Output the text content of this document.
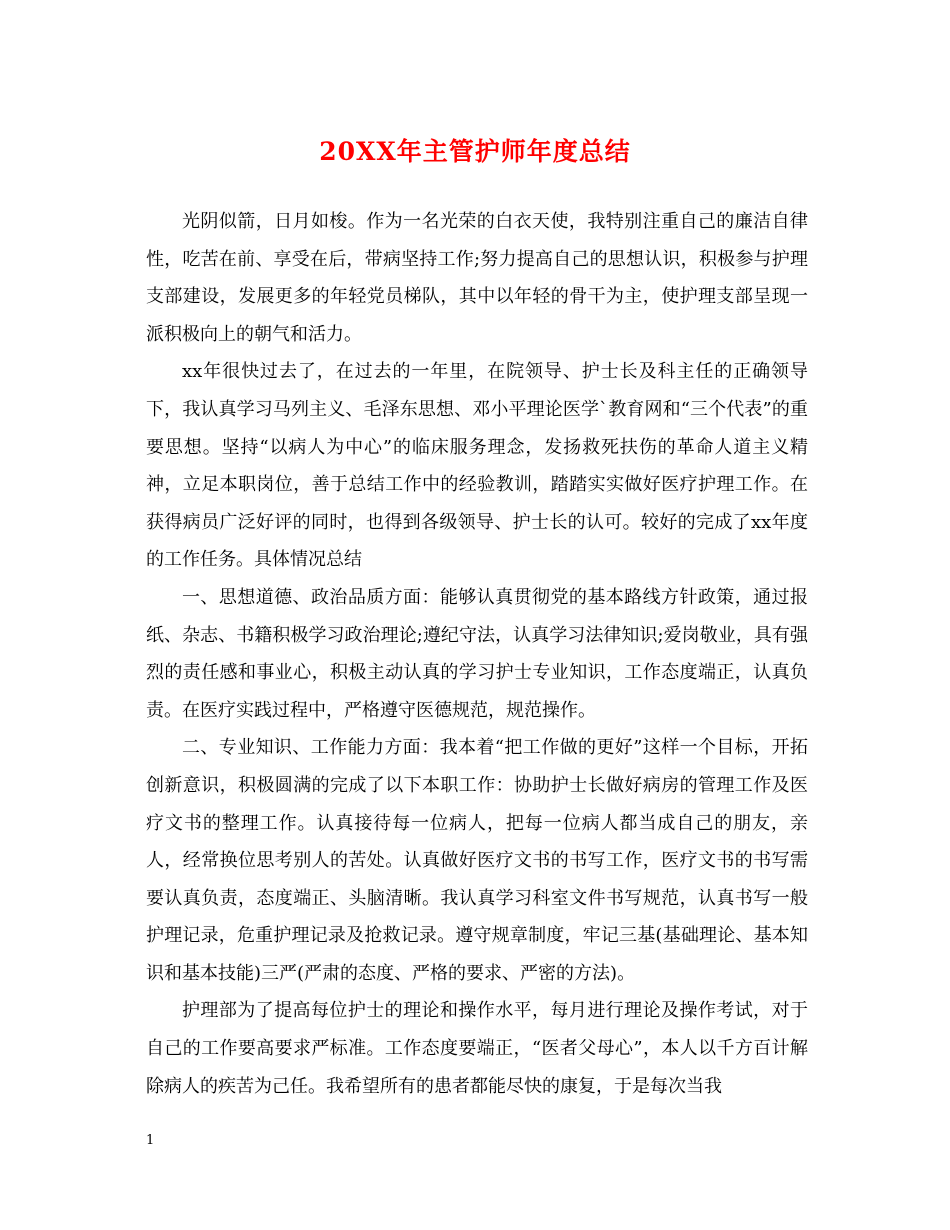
20XX年主管护师年度总结

光阴似箭，日月如梭。作为一名光荣的白衣天使，我特别注重自己的廉洁自律性，吃苦在前、享受在后，带病坚持工作;努力提高自己的思想认识，积极参与护理支部建设，发展更多的年轻党员梯队，其中以年轻的骨干为主，使护理支部呈现一派积极向上的朝气和活力。

xx年很快过去了，在过去的一年里，在院领导、护士长及科主任的正确领导下，我认真学习马列主义、毛泽东思想、邓小平理论医学`教育网和“三个代表”的重要思想。坚持“以病人为中心”的临床服务理念，发扬救死扶伤的革命人道主义精神，立足本职岗位，善于总结工作中的经验教训，踏踏实实做好医疗护理工作。在获得病员广泛好评的同时，也得到各级领导、护士长的认可。较好的完成了xx年度的工作任务。具体情况总结

一、思想道德、政治品质方面：能够认真贯彻党的基本路线方针政策，通过报纸、杂志、书籍积极学习政治理论;遵纪守法，认真学习法律知识;爱岗敬业，具有强烈的责任感和事业心，积极主动认真的学习护士专业知识，工作态度端正，认真负责。在医疗实践过程中，严格遵守医德规范，规范操作。

二、专业知识、工作能力方面：我本着“把工作做的更好”这样一个目标，开拓创新意识，积极圆满的完成了以下本职工作：协助护士长做好病房的管理工作及医疗文书的整理工作。认真接待每一位病人，把每一位病人都当成自己的朋友，亲人，经常换位思考别人的苦处。认真做好医疗文书的书写工作，医疗文书的书写需要认真负责，态度端正、头脑清晰。我认真学习科室文件书写规范，认真书写一般护理记录，危重护理记录及抢救记录。遵守规章制度，牢记三基(基础理论、基本知识和基本技能)三严(严肃的态度、严格的要求、严密的方法)。

护理部为了提高每位护士的理论和操作水平，每月进行理论及操作考试，对于自己的工作要高要求严标准。工作态度要端正，“医者父母心”，本人以千方百计解除病人的疾苦为己任。我希望所有的患者都能尽快的康复，于是每次当我

1
